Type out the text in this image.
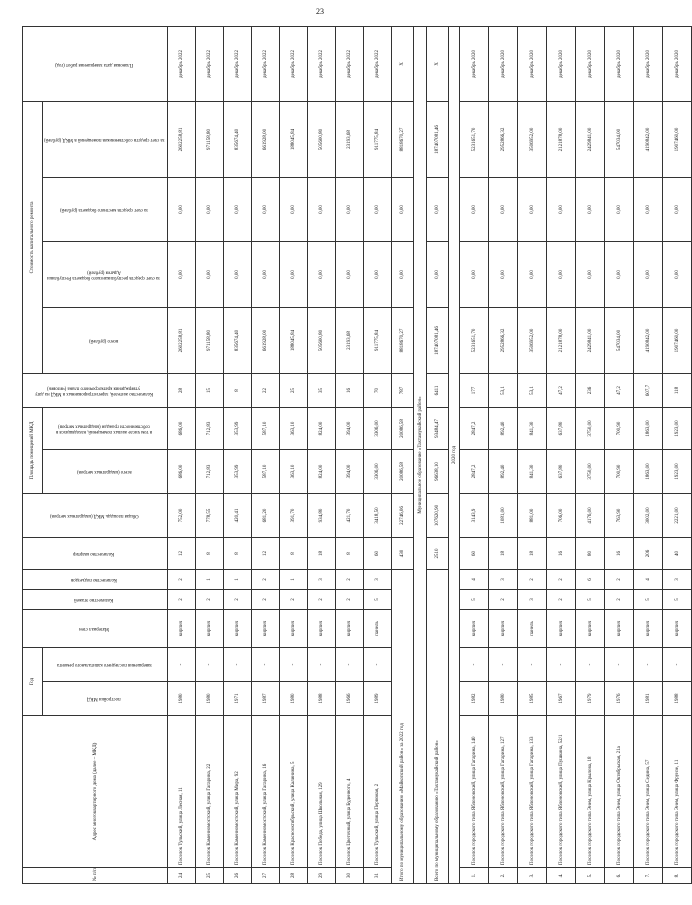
23
№ п/п	Адрес многоквартирного дома (далее – МКД)	Год		Материал стен	Количество этажей	Количество подъездов	Количество квартир	Общая площадь МКД (квадратных метров)	Площадь помещений МКД		Количество жителей, зарегистрированных в МКД на дату утверждения краткосрочного плана (человек)	Стоимость капитального ремонта				Плановая дата завершения работ (год)
		постройки МКД	завершения последнего капитального ремонта						всего (квадратных метров)	в том числе жилых помещений, находящихся в собственности граждан (квадратных метров)		всего (рублей)	за счет средств республиканского бюджета Республики Адыгея (рублей)	за счет средств местного бюджета (рублей)	за счет средств собственников помещений в МКД (рублей)	
24	Поселок Тульский, улица Лесная, 11	1980	-	кирпич	2	2	12	752,00	686,00	686,00	28	2602258,81	0,00	0,00	2602258,81	декабрь 2022
25	Поселок Каменномостский, улица Гагарина, 22	1980	-	кирпич	2	1	8	778,55	712,83	712,83	15	971158,80	0,00	0,00	971158,80	декабрь 2022
26	Поселок Каменномостский, улица Мира, 92	1971	-	кирпич	2	1	8	420,41	353,99	353,99	8	835674,40	0,00	0,00	835674,40	декабрь 2022
27	Поселок Каменномостский, улица Гагарина, 16	1987	-	кирпич	2	2	12	681,20	587,10	587,10	22	661928,00	0,00	0,00	661928,00	декабрь 2022
28	Поселок Краснооктябрьский, улица Калинина, 5	1980	-	кирпич	2	1	8	391,70	363,10	363,10	25	188045,84	0,00	0,00	188045,84	декабрь 2022
29	Поселок Победа, улица Школьная, 129	1988	-	кирпич	2	3	18	934,80	824,00	824,00	35	505600,80	0,00	0,00	505600,80	декабрь 2022
30	Поселок Цветочный, улица Буденного, 4	1966	-	кирпич	2	2	8	421,70	394,00	394,00	16	23193,68	0,00	0,00	23193,68	декабрь 2022
31	Поселок Тульский, улица Первомая, 2	1989	-	панель	5	3	60	3418,50	3306,00	3306,00	70	911775,84	0,00	0,00	911775,84	декабрь 2022
Итого по муниципальному образованию «Майкопский район» за 2022 год							430	22746,06	20086,58	20086,58	787	8818670,27	0,00	0,00	8818670,27	X
Муниципальное образование «Тахтамукайский район»																
Всего по муниципальному образованию «Тахтамукайский район»							2510	107620,90	96638,10	93484,47	6411	187407081,46	0,00	0,00	187407081,46	X
2020 год																
1.	Поселок городского типа Яблоновский, улица Гагарина, 140	1982	-	кирпич	5	4	60	3143,9	2847,2	2847,2	177	5231651,70	0,00	0,00	5231651,70	декабрь 2020
2.	Поселок городского типа Яблоновский, улица Гагарина, 127	1980	-	кирпич	2	3	18	1081,00	892,40	892,40	53,1	2952866,32	0,00	0,00	2952866,32	декабрь 2020
3.	Поселок городского типа Яблоновский, улица Гагарина, 133	1985	-	панель	3	2	18	881,00	841,30	841,30	53,1	3506952,00	0,00	0,00	3506952,00	декабрь 2020
4.	Поселок городского типа Яблоновский, улица Пушкина, 52/1	1967	-	кирпич	2	2	16	706,00	637,80	637,80	47,2	2121878,00	0,00	0,00	2121878,00	декабрь 2020
5.	Поселок городского типа Энем, улица Крылова, 18	1979	-	кирпич	5	6	80	4176,00	3750,00	3750,00	236	2429841,00	0,00	0,00	2429841,00	декабрь 2020
6.	Поселок городского типа Энем, улица Октябрьская, 21а	1976	-	кирпич	2	2	16	763,90	700,90	700,90	47,2	547034,00	0,00	0,00	547034,00	декабрь 2020
7.	Поселок городского типа Энем, улица Седина, 57	1981	-	кирпич	5	4	206	3002,00	1863,00	1863,00	607,7	4190842,00	0,00	0,00	4190842,00	декабрь 2020
8.	Поселок городского типа Энем, улица Фрунзе, 11	1988	-	кирпич	5	3	40	2221,00	1923,00	1923,00	118	1907460,00	0,00	0,00	1907460,00	декабрь 2020
